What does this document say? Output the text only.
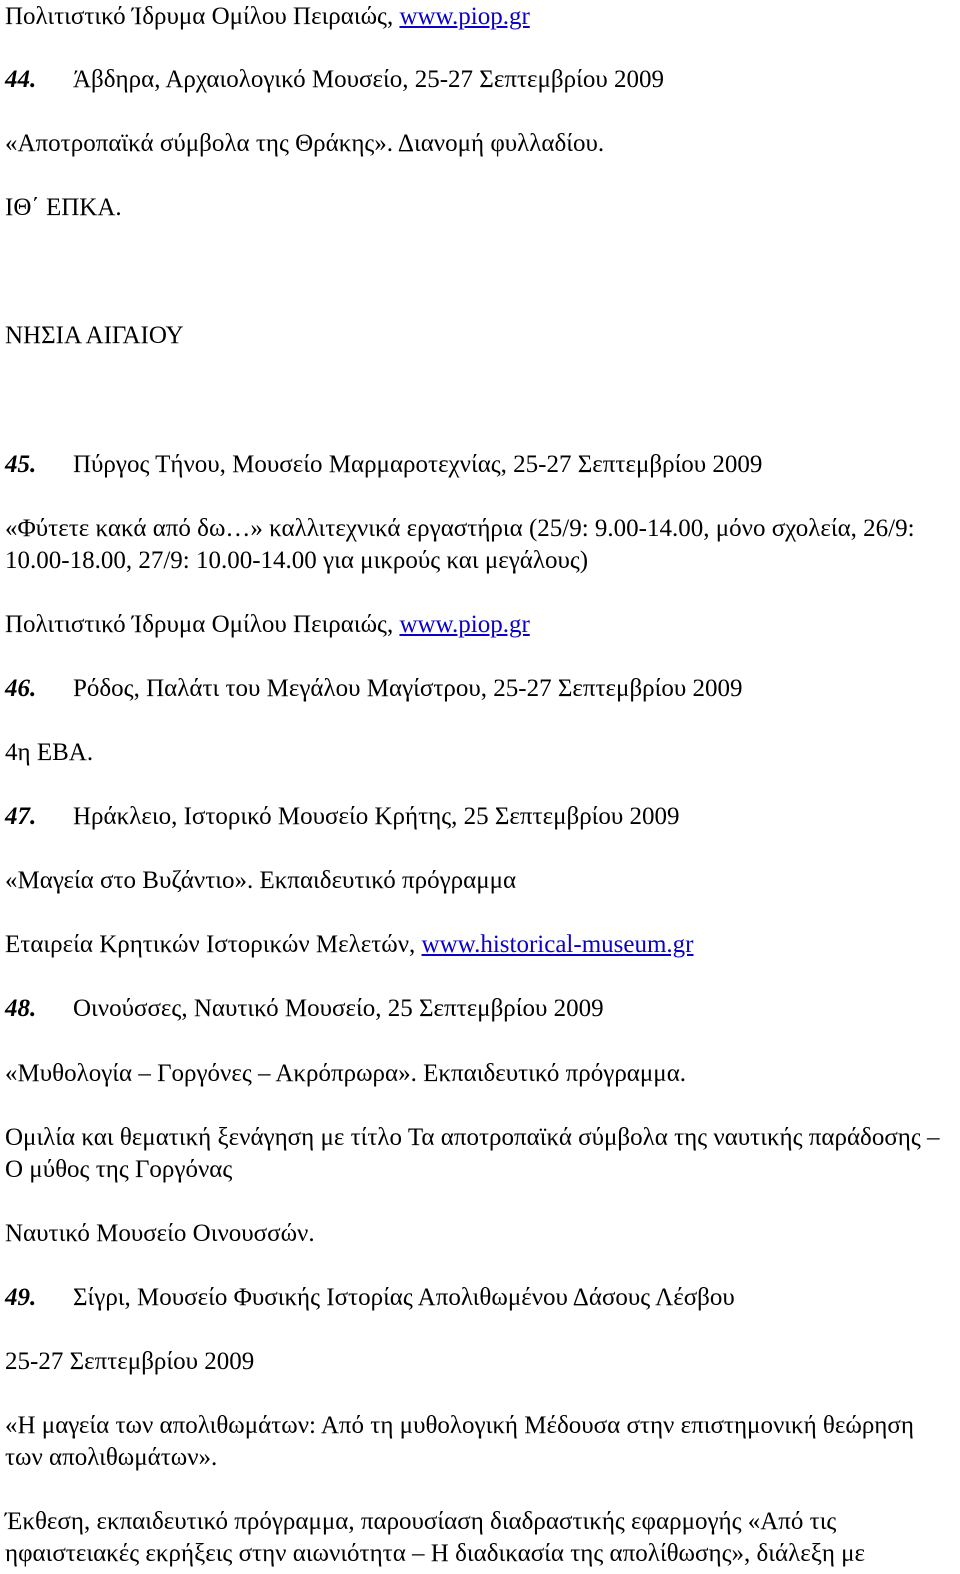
Πολιτιστικό Ίδρυμα Ομίλου Πειραιώς, www.piop.gr
44. Άβδηρα, Αρχαιολογικό Μουσείο, 25-27 Σεπτεμβρίου 2009
«Αποτροπαϊκά σύμβολα της Θράκης». Διανομή φυλλαδίου.
ΙΘ΄ ΕΠΚΑ.
ΝΗΣΙΑ ΑΙΓΑΙΟΥ
45. Πύργος Τήνου, Μουσείο Μαρμαροτεχνίας, 25-27 Σεπτεμβρίου 2009
«Φύτετε κακά από δω…» καλλιτεχνικά εργαστήρια (25/9: 9.00-14.00, μόνο σχολεία, 26/9: 10.00-18.00, 27/9: 10.00-14.00 για μικρούς και μεγάλους)
Πολιτιστικό Ίδρυμα Ομίλου Πειραιώς, www.piop.gr
46. Ρόδος, Παλάτι του Μεγάλου Μαγίστρου, 25-27 Σεπτεμβρίου 2009
4η ΕΒΑ.
47. Ηράκλειο, Ιστορικό Μουσείο Κρήτης, 25 Σεπτεμβρίου 2009
«Μαγεία στο Βυζάντιο». Εκπαιδευτικό πρόγραμμα
Εταιρεία Κρητικών Ιστορικών Μελετών, www.historical-museum.gr
48. Οινούσσες, Ναυτικό Μουσείο, 25 Σεπτεμβρίου 2009
«Μυθολογία – Γοργόνες – Ακρόπρωρα». Εκπαιδευτικό πρόγραμμα.
Ομιλία και θεματική ξενάγηση με τίτλο Τα αποτροπαϊκά σύμβολα της ναυτικής παράδοσης – Ο μύθος της Γοργόνας
Ναυτικό Μουσείο Οινουσσών.
49. Σίγρι, Μουσείο Φυσικής Ιστορίας Απολιθωμένου Δάσους Λέσβου
25-27 Σεπτεμβρίου 2009
«Η μαγεία των απολιθωμάτων: Από τη μυθολογική Μέδουσα στην επιστημονική θεώρηση των απολιθωμάτων».
Έκθεση, εκπαιδευτικό πρόγραμμα, παρουσίαση διαδραστικής εφαρμογής «Από τις ηφαιστειακές εκρήξεις στην αιωνιότητα – Η διαδικασία της απολίθωσης», διάλεξη με
